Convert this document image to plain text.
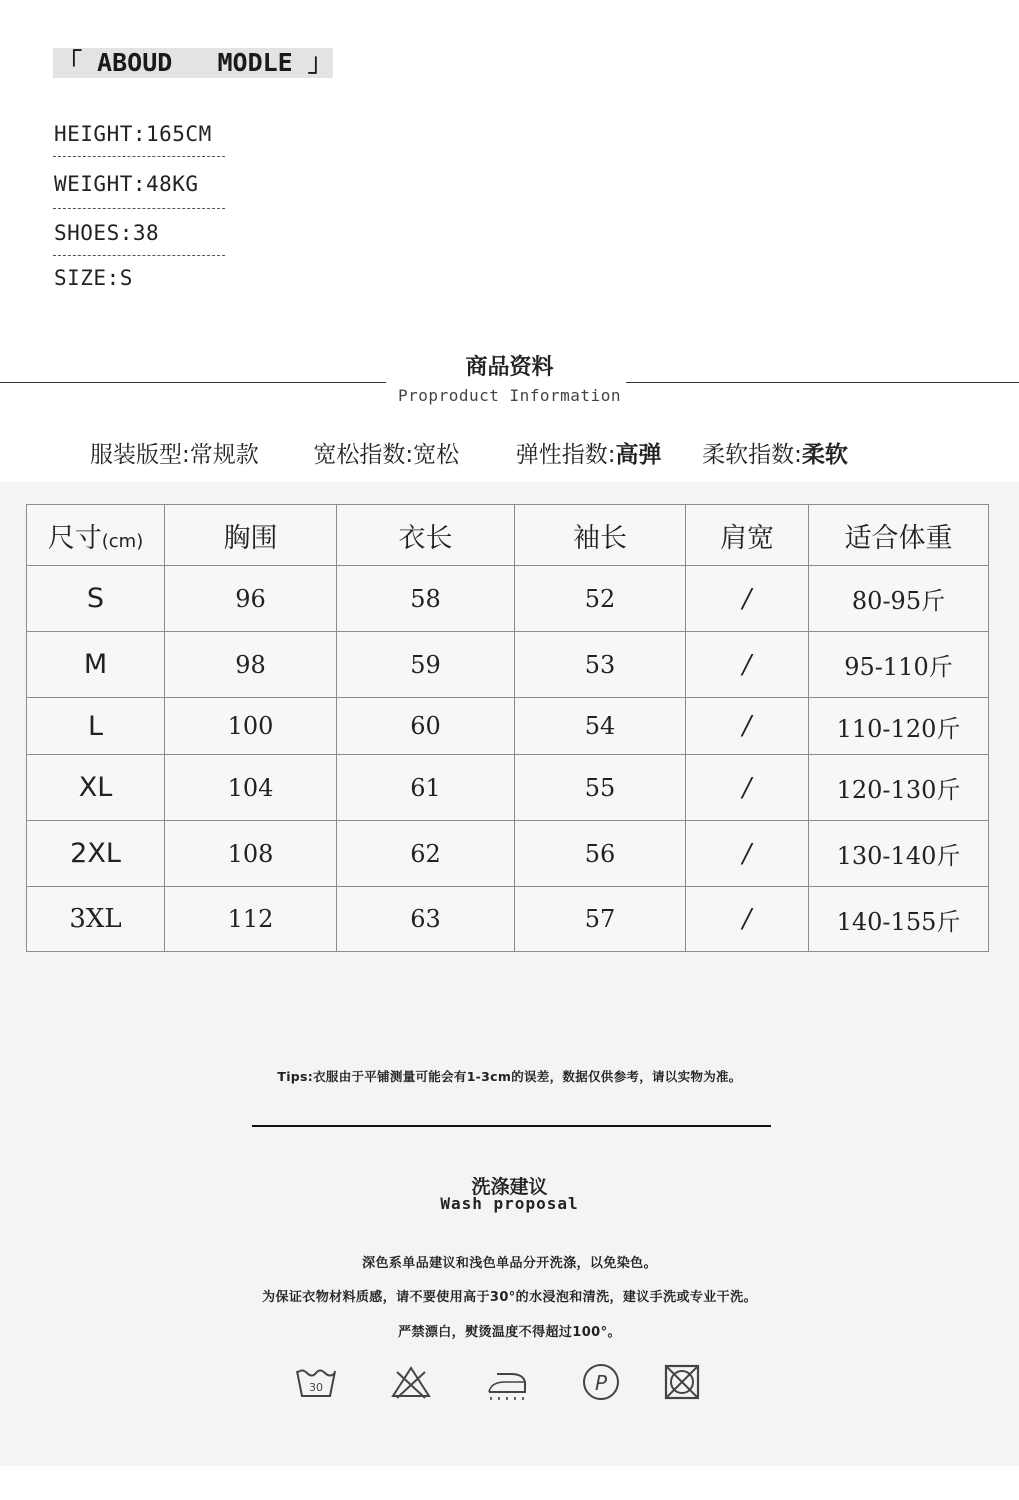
「 ABOUD   MODLE 」
HEIGHT:165CM
WEIGHT:48KG
SHOES:38
SIZE:S
商品资料
Proproduct Information
服装版型:常规款 宽松指数:宽松 弹性指数:高弹 柔软指数:柔软
尺寸(cm)	胸围	衣长	袖长	肩宽	适合体重
S	96	58	52	/	80-95斤
M	98	59	53	/	95-110斤
L	100	60	54	/	110-120斤
XL	104	61	55	/	120-130斤
2XL	108	62	56	/	130-140斤
3XL	112	63	57	/	140-155斤
Tips:衣服由于平铺测量可能会有1-3cm的误差，数据仅供参考，请以实物为准。
洗涤建议
Wash proposal
深色系单品建议和浅色单品分开洗涤，以免染色。
为保证衣物材料质感，请不要使用高于30°的水浸泡和清洗，建议手洗或专业干洗。
严禁漂白，熨烫温度不得超过100°。
30	P
